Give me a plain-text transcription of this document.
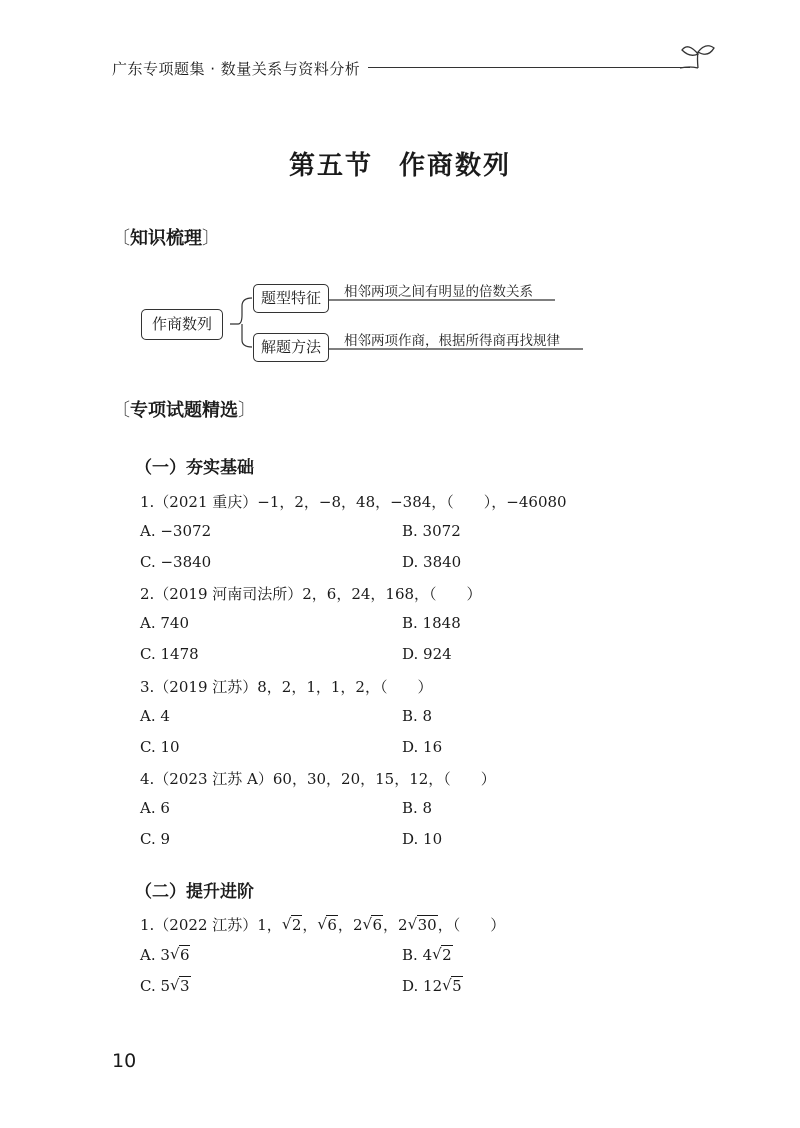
广东专项题集 · 数量关系与资料分析
第五节 作商数列
〔知识梳理〕
作商数列
题型特征	相邻两项之间有明显的倍数关系
解题方法	相邻两项作商，根据所得商再找规律
〔专项试题精选〕
（一）夯实基础
1.（2021 重庆）−1，2，−8，48，−384，（　　），−46080
A. −3072	B. 3072
C. −3840	D. 3840
2.（2019 河南司法所）2，6，24，168，（　　）
A. 740	B. 1848
C. 1478	D. 924
3.（2019 江苏）8，2，1，1，2，（　　）
A. 4	B. 8
C. 10	D. 16
4.（2023 江苏 A）60，30，20，15，12，（　　）
A. 6	B. 8
C. 9	D. 10
（二）提升进阶
1.（2022 江苏）1， √ 2， √ 6，2 √ 6，2 √ 30，（　　）
A. 3 √ 6	B. 4 √ 2
C. 5 √ 3	D. 12 √ 5
10
